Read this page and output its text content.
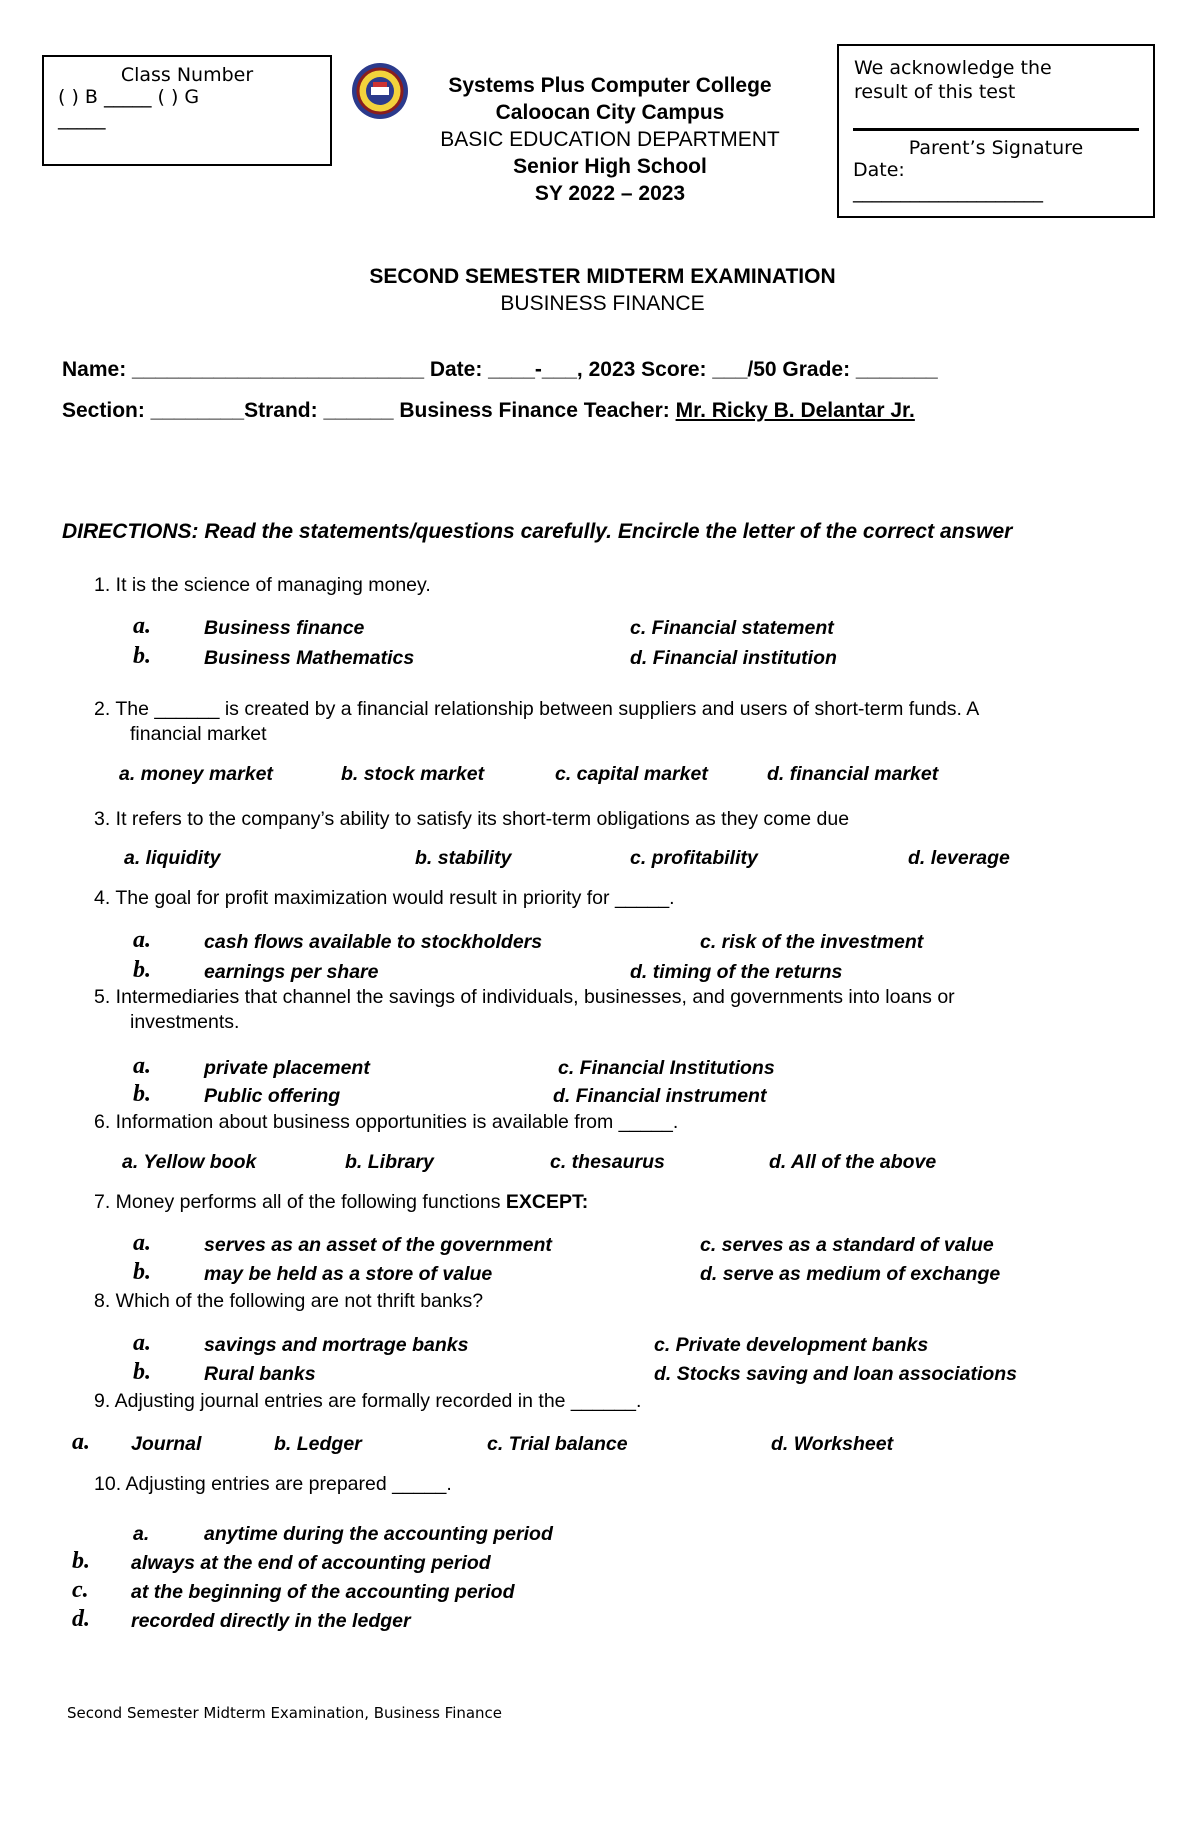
Class Number
( ) B _____ ( ) G
_____
Systems Plus Computer College
Caloocan City Campus
BASIC EDUCATION DEPARTMENT
Senior High School
SY 2022 – 2023
We acknowledge the
result of this test
Parent’s Signature
Date:
____________________
SECOND SEMESTER MIDTERM EXAMINATION
BUSINESS FINANCE
Name: _________________________ Date: ____-___, 2023 Score: ___/50 Grade: _______
Section: ________Strand: ______ Business Finance Teacher: Mr. Ricky B. Delantar Jr.
DIRECTIONS: Read the statements/questions carefully. Encircle the letter of the correct answer
1. It is the science of managing money.
a.	Business finance
b.	Business Mathematics
c. Financial statement
d. Financial institution
2. The ______ is created by a financial relationship between suppliers and users of short-term funds. A
financial market
a. money market	b. stock market	c. capital market	d. financial market
3. It refers to the company’s ability to satisfy its short-term obligations as they come due
a. liquidity	b. stability	c. profitability	d. leverage
4. The goal for profit maximization would result in priority for _____.
a.	cash flows available to stockholders
b.	earnings per share
c. risk of the investment
d. timing of the returns
5. Intermediaries that channel the savings of individuals, businesses, and governments into loans or
investments.
a.	private placement
b.	Public offering
c. Financial Institutions
d. Financial instrument
6. Information about business opportunities is available from _____.
a. Yellow book	b. Library	c. thesaurus	d. All of the above
7. Money performs all of the following functions EXCEPT:
a.	serves as an asset of the government
b.	may be held as a store of value
c. serves as a standard of value
d. serve as medium of exchange
8. Which of the following are not thrift banks?
a.	savings and mortrage banks
b.	Rural banks
c. Private development banks
d. Stocks saving and loan associations
9. Adjusting journal entries are formally recorded in the ______.
a. Journal	b. Ledger	c. Trial balance	d. Worksheet
10. Adjusting entries are prepared _____.
a.	anytime during the accounting period
b. always at the end of accounting period
c. at the beginning of the accounting period
d. recorded directly in the ledger
Second Semester Midterm Examination, Business Finance
